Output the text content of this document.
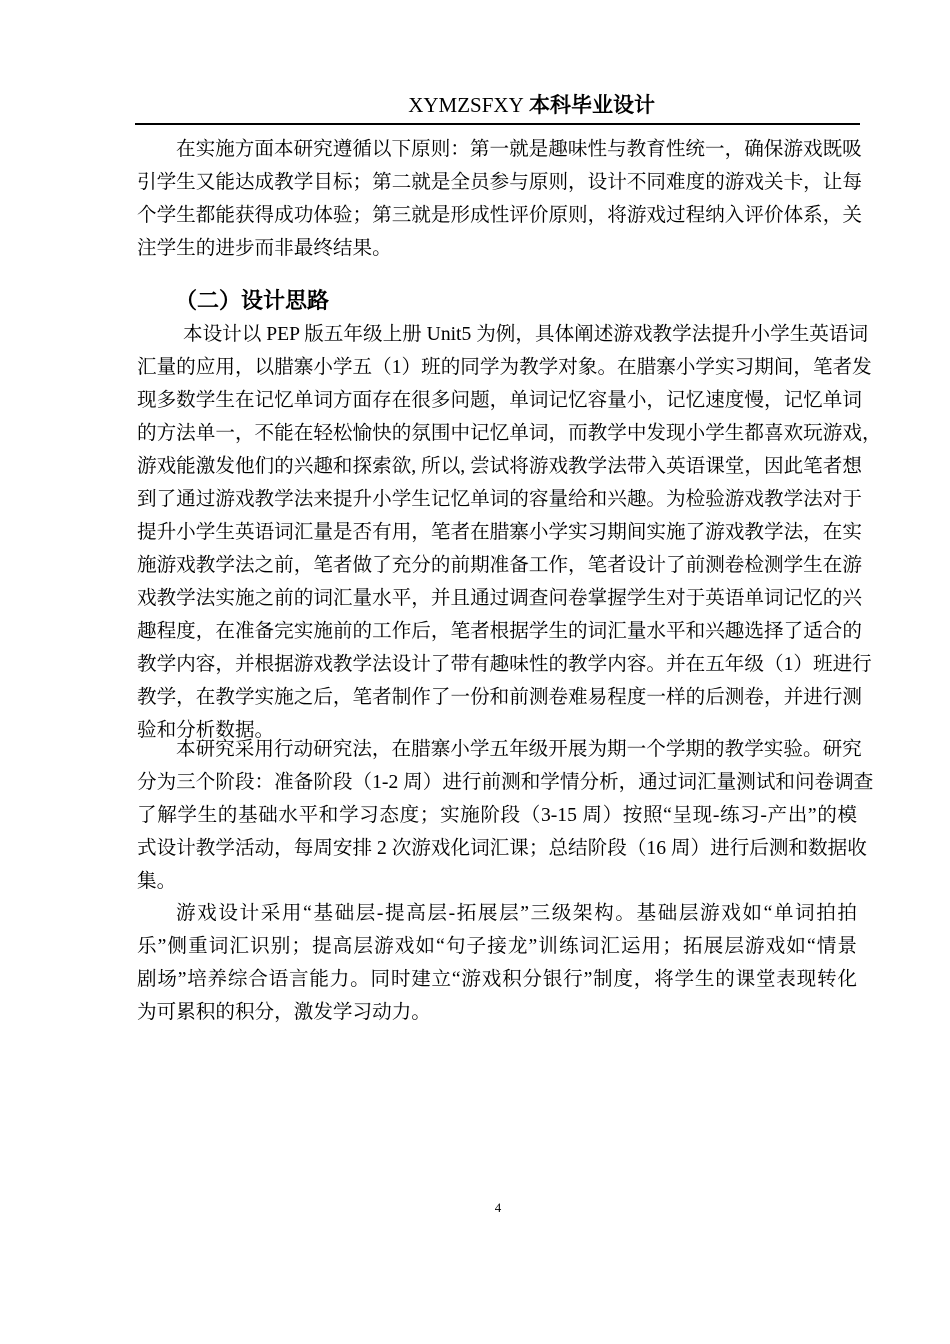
XYMZSFXY 本科毕业设计
在实施方面本研究遵循以下原则：第一就是趣味性与教育性统一，确保游戏既吸
引学生又能达成教学目标；第二就是全员参与原则，设计不同难度的游戏关卡，让每
个学生都能获得成功体验；第三就是形成性评价原则，将游戏过程纳入评价体系，关
注学生的进步而非最终结果。
（二）设计思路
本设计以 PEP 版五年级上册 Unit5 为例，具体阐述游戏教学法提升小学生英语词
汇量的应用，以腊寨小学五（1）班的同学为教学对象。在腊寨小学实习期间，笔者发
现多数学生在记忆单词方面存在很多问题，单词记忆容量小，记忆速度慢，记忆单词
的方法单一，不能在轻松愉快的氛围中记忆单词，而教学中发现小学生都喜欢玩游戏，
游戏能激发他们的兴趣和探索欲, 所以, 尝试将游戏教学法带入英语课堂，因此笔者想
到了通过游戏教学法来提升小学生记忆单词的容量给和兴趣。为检验游戏教学法对于
提升小学生英语词汇量是否有用，笔者在腊寨小学实习期间实施了游戏教学法，在实
施游戏教学法之前，笔者做了充分的前期准备工作，笔者设计了前测卷检测学生在游
戏教学法实施之前的词汇量水平，并且通过调查问卷掌握学生对于英语单词记忆的兴
趣程度，在准备完实施前的工作后，笔者根据学生的词汇量水平和兴趣选择了适合的
教学内容，并根据游戏教学法设计了带有趣味性的教学内容。并在五年级（1）班进行
教学，在教学实施之后，笔者制作了一份和前测卷难易程度一样的后测卷，并进行测
验和分析数据。
本研究采用行动研究法，在腊寨小学五年级开展为期一个学期的教学实验。研究
分为三个阶段：准备阶段（1-2 周）进行前测和学情分析，通过词汇量测试和问卷调查
了解学生的基础水平和学习态度；实施阶段（3-15 周）按照“呈现-练习-产出”的模
式设计教学活动，每周安排 2 次游戏化词汇课；总结阶段（16 周）进行后测和数据收
集。
游戏设计采用“基础层-提高层-拓展层”三级架构。基础层游戏如“单词拍拍
乐”侧重词汇识别；提高层游戏如“句子接龙”训练词汇运用；拓展层游戏如“情景
剧场”培养综合语言能力。同时建立“游戏积分银行”制度，将学生的课堂表现转化
为可累积的积分，激发学习动力。
4
